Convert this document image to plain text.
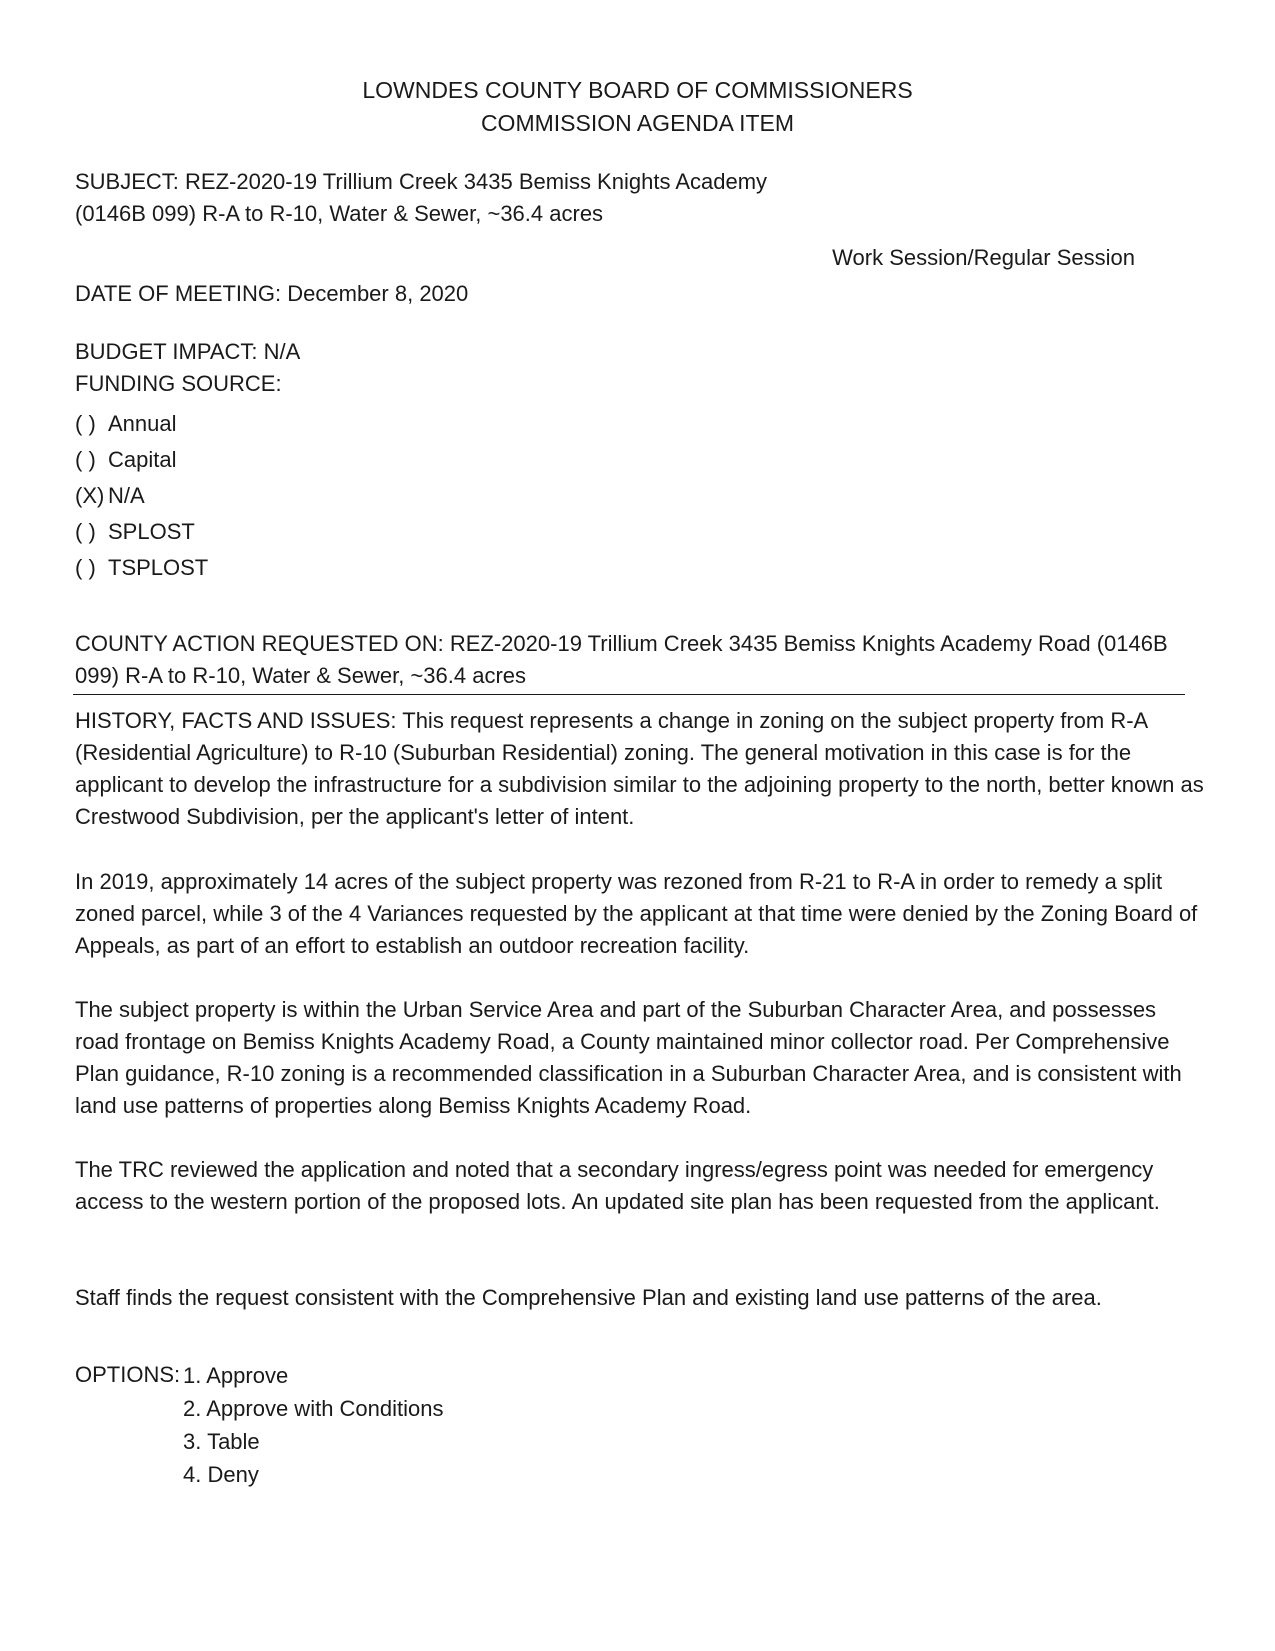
LOWNDES COUNTY BOARD OF COMMISSIONERS
COMMISSION AGENDA ITEM
SUBJECT: REZ-2020-19 Trillium Creek 3435 Bemiss Knights Academy
(0146B 099) R-A to R-10, Water & Sewer, ~36.4 acres
Work Session/Regular Session
DATE OF MEETING: December 8, 2020
BUDGET IMPACT: N/A
FUNDING SOURCE:
( ) Annual
( ) Capital
(X) N/A
( ) SPLOST
( ) TSPLOST
COUNTY ACTION REQUESTED ON: REZ-2020-19 Trillium Creek 3435 Bemiss Knights Academy Road (0146B 099) R-A to R-10, Water & Sewer, ~36.4 acres
HISTORY, FACTS AND ISSUES: This request represents a change in zoning on the subject property from R-A (Residential Agriculture) to R-10 (Suburban Residential) zoning. The general motivation in this case is for the applicant to develop the infrastructure for a subdivision similar to the adjoining property to the north, better known as Crestwood Subdivision, per the applicant's letter of intent.
In 2019, approximately 14 acres of the subject property was rezoned from R-21 to R-A in order to remedy a split zoned parcel, while 3 of the 4 Variances requested by the applicant at that time were denied by the Zoning Board of Appeals, as part of an effort to establish an outdoor recreation facility.
The subject property is within the Urban Service Area and part of the Suburban Character Area, and possesses road frontage on Bemiss Knights Academy Road, a County maintained minor collector road. Per Comprehensive Plan guidance, R-10 zoning is a recommended classification in a Suburban Character Area, and is consistent with land use patterns of properties along Bemiss Knights Academy Road.
The TRC reviewed the application and noted that a secondary ingress/egress point was needed for emergency access to the western portion of the proposed lots. An updated site plan has been requested from the applicant.
Staff finds the request consistent with the Comprehensive Plan and existing land use patterns of the area.
OPTIONS: 1. Approve
2. Approve with Conditions
3. Table
4. Deny
